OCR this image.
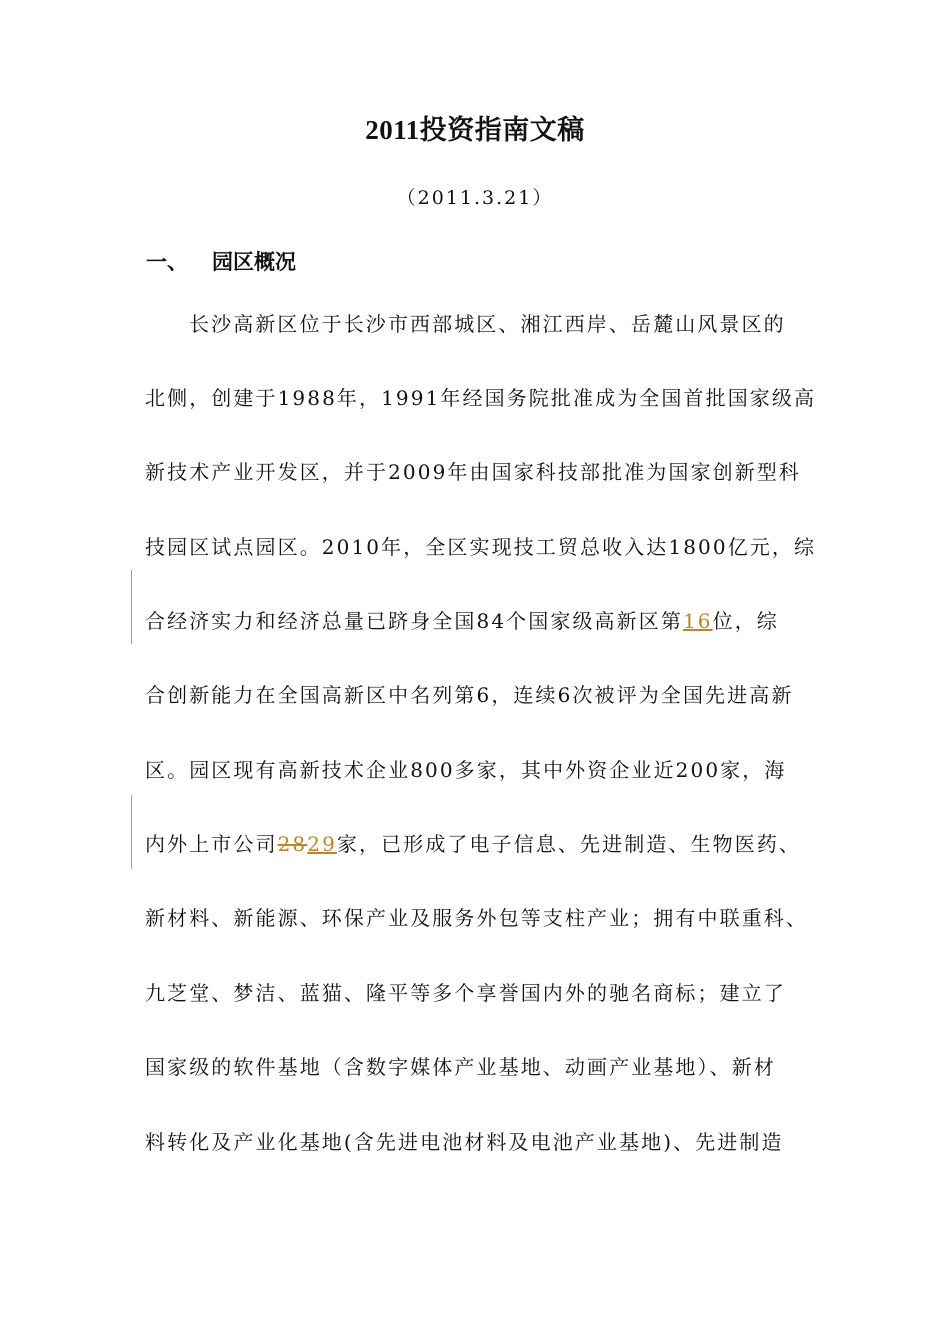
2011投资指南文稿
（2011.3.21）
一、 园区概况
长沙高新区位于长沙市西部城区、湘江西岸、岳麓山风景区的
北侧，创建于1988年，1991年经国务院批准成为全国首批国家级高
新技术产业开发区，并于2009年由国家科技部批准为国家创新型科
技园区试点园区。2010年，全区实现技工贸总收入达1800亿元，综
合经济实力和经济总量已跻身全国84个国家级高新区第16位，综
合创新能力在全国高新区中名列第6，连续6次被评为全国先进高新
区。园区现有高新技术企业800多家，其中外资企业近200家，海
内外上市公司2829家，已形成了电子信息、先进制造、生物医药、
新材料、新能源、环保产业及服务外包等支柱产业；拥有中联重科、
九芝堂、梦洁、蓝猫、隆平等多个享誉国内外的驰名商标；建立了
国家级的软件基地（含数字媒体产业基地、动画产业基地）、新材
料转化及产业化基地(含先进电池材料及电池产业基地)、先进制造
